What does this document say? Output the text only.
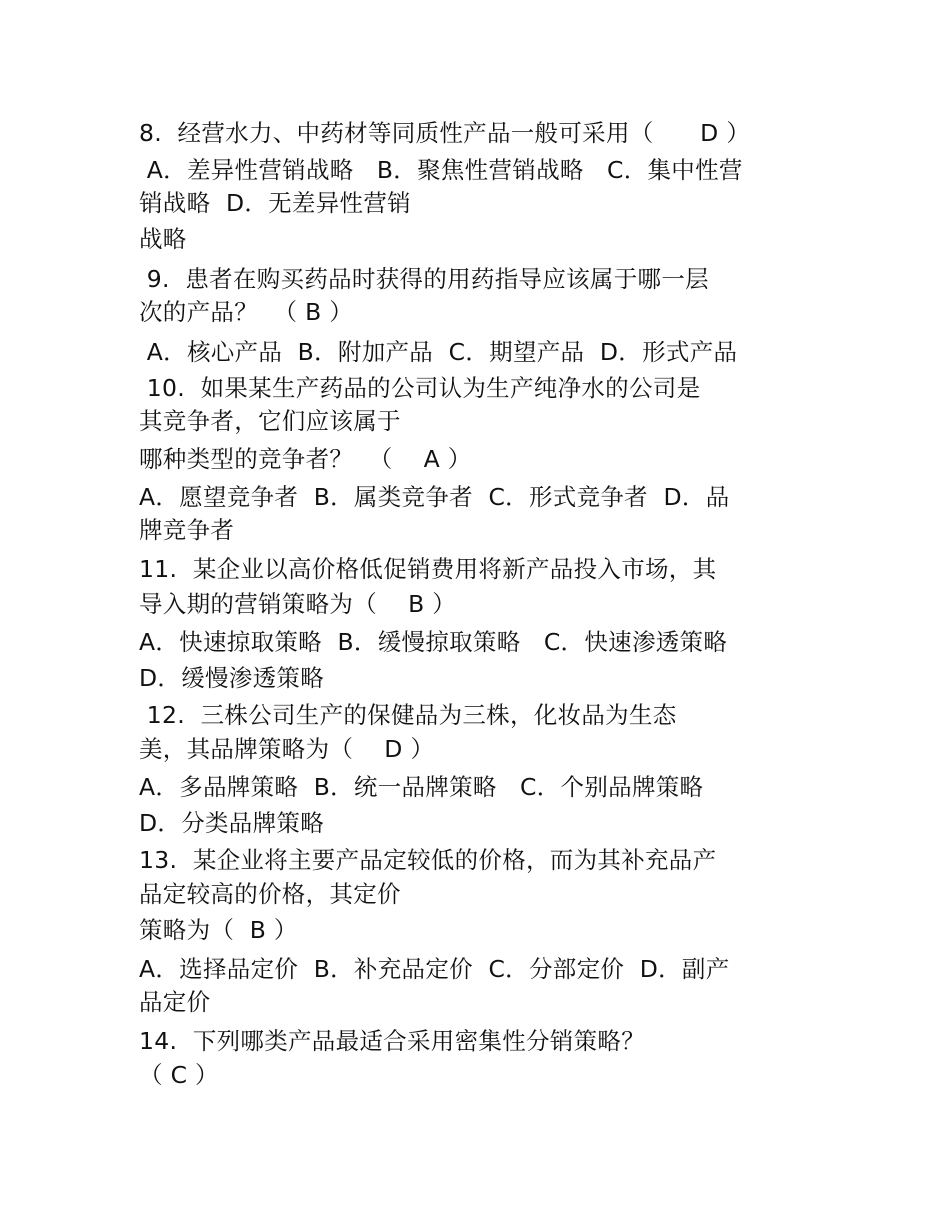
8.  经营水力、中药材等同质性产品一般可采用（      D ）
A．差异性营销战略   B．聚焦性营销战略   C．集中性营
销战略  D．无差异性营销
战略
9.  患者在购买药品时获得的用药指导应该属于哪一层
次的产品？  （ B ）
A．核心产品  B．附加产品  C．期望产品  D．形式产品
10.  如果某生产药品的公司认为生产纯净水的公司是
其竞争者，它们应该属于
哪种类型的竞争者？  （    A ）
A．愿望竞争者  B．属类竞争者  C．形式竞争者  D．品
牌竞争者
11.  某企业以高价格低促销费用将新产品投入市场，其
导入期的营销策略为（    B ）
A．快速掠取策略  B．缓慢掠取策略   C．快速渗透策略
D．缓慢渗透策略
12.  三株公司生产的保健品为三株，化妆品为生态
美，其品牌策略为（    D ）
A．多品牌策略  B．统一品牌策略   C．个别品牌策略
D．分类品牌策略
13.  某企业将主要产品定较低的价格，而为其补充品产
品定较高的价格，其定价
策略为（  B ）
A．选择品定价  B．补充品定价  C．分部定价  D．副产
品定价
14.  下列哪类产品最适合采用密集性分销策略？
（ C ）
